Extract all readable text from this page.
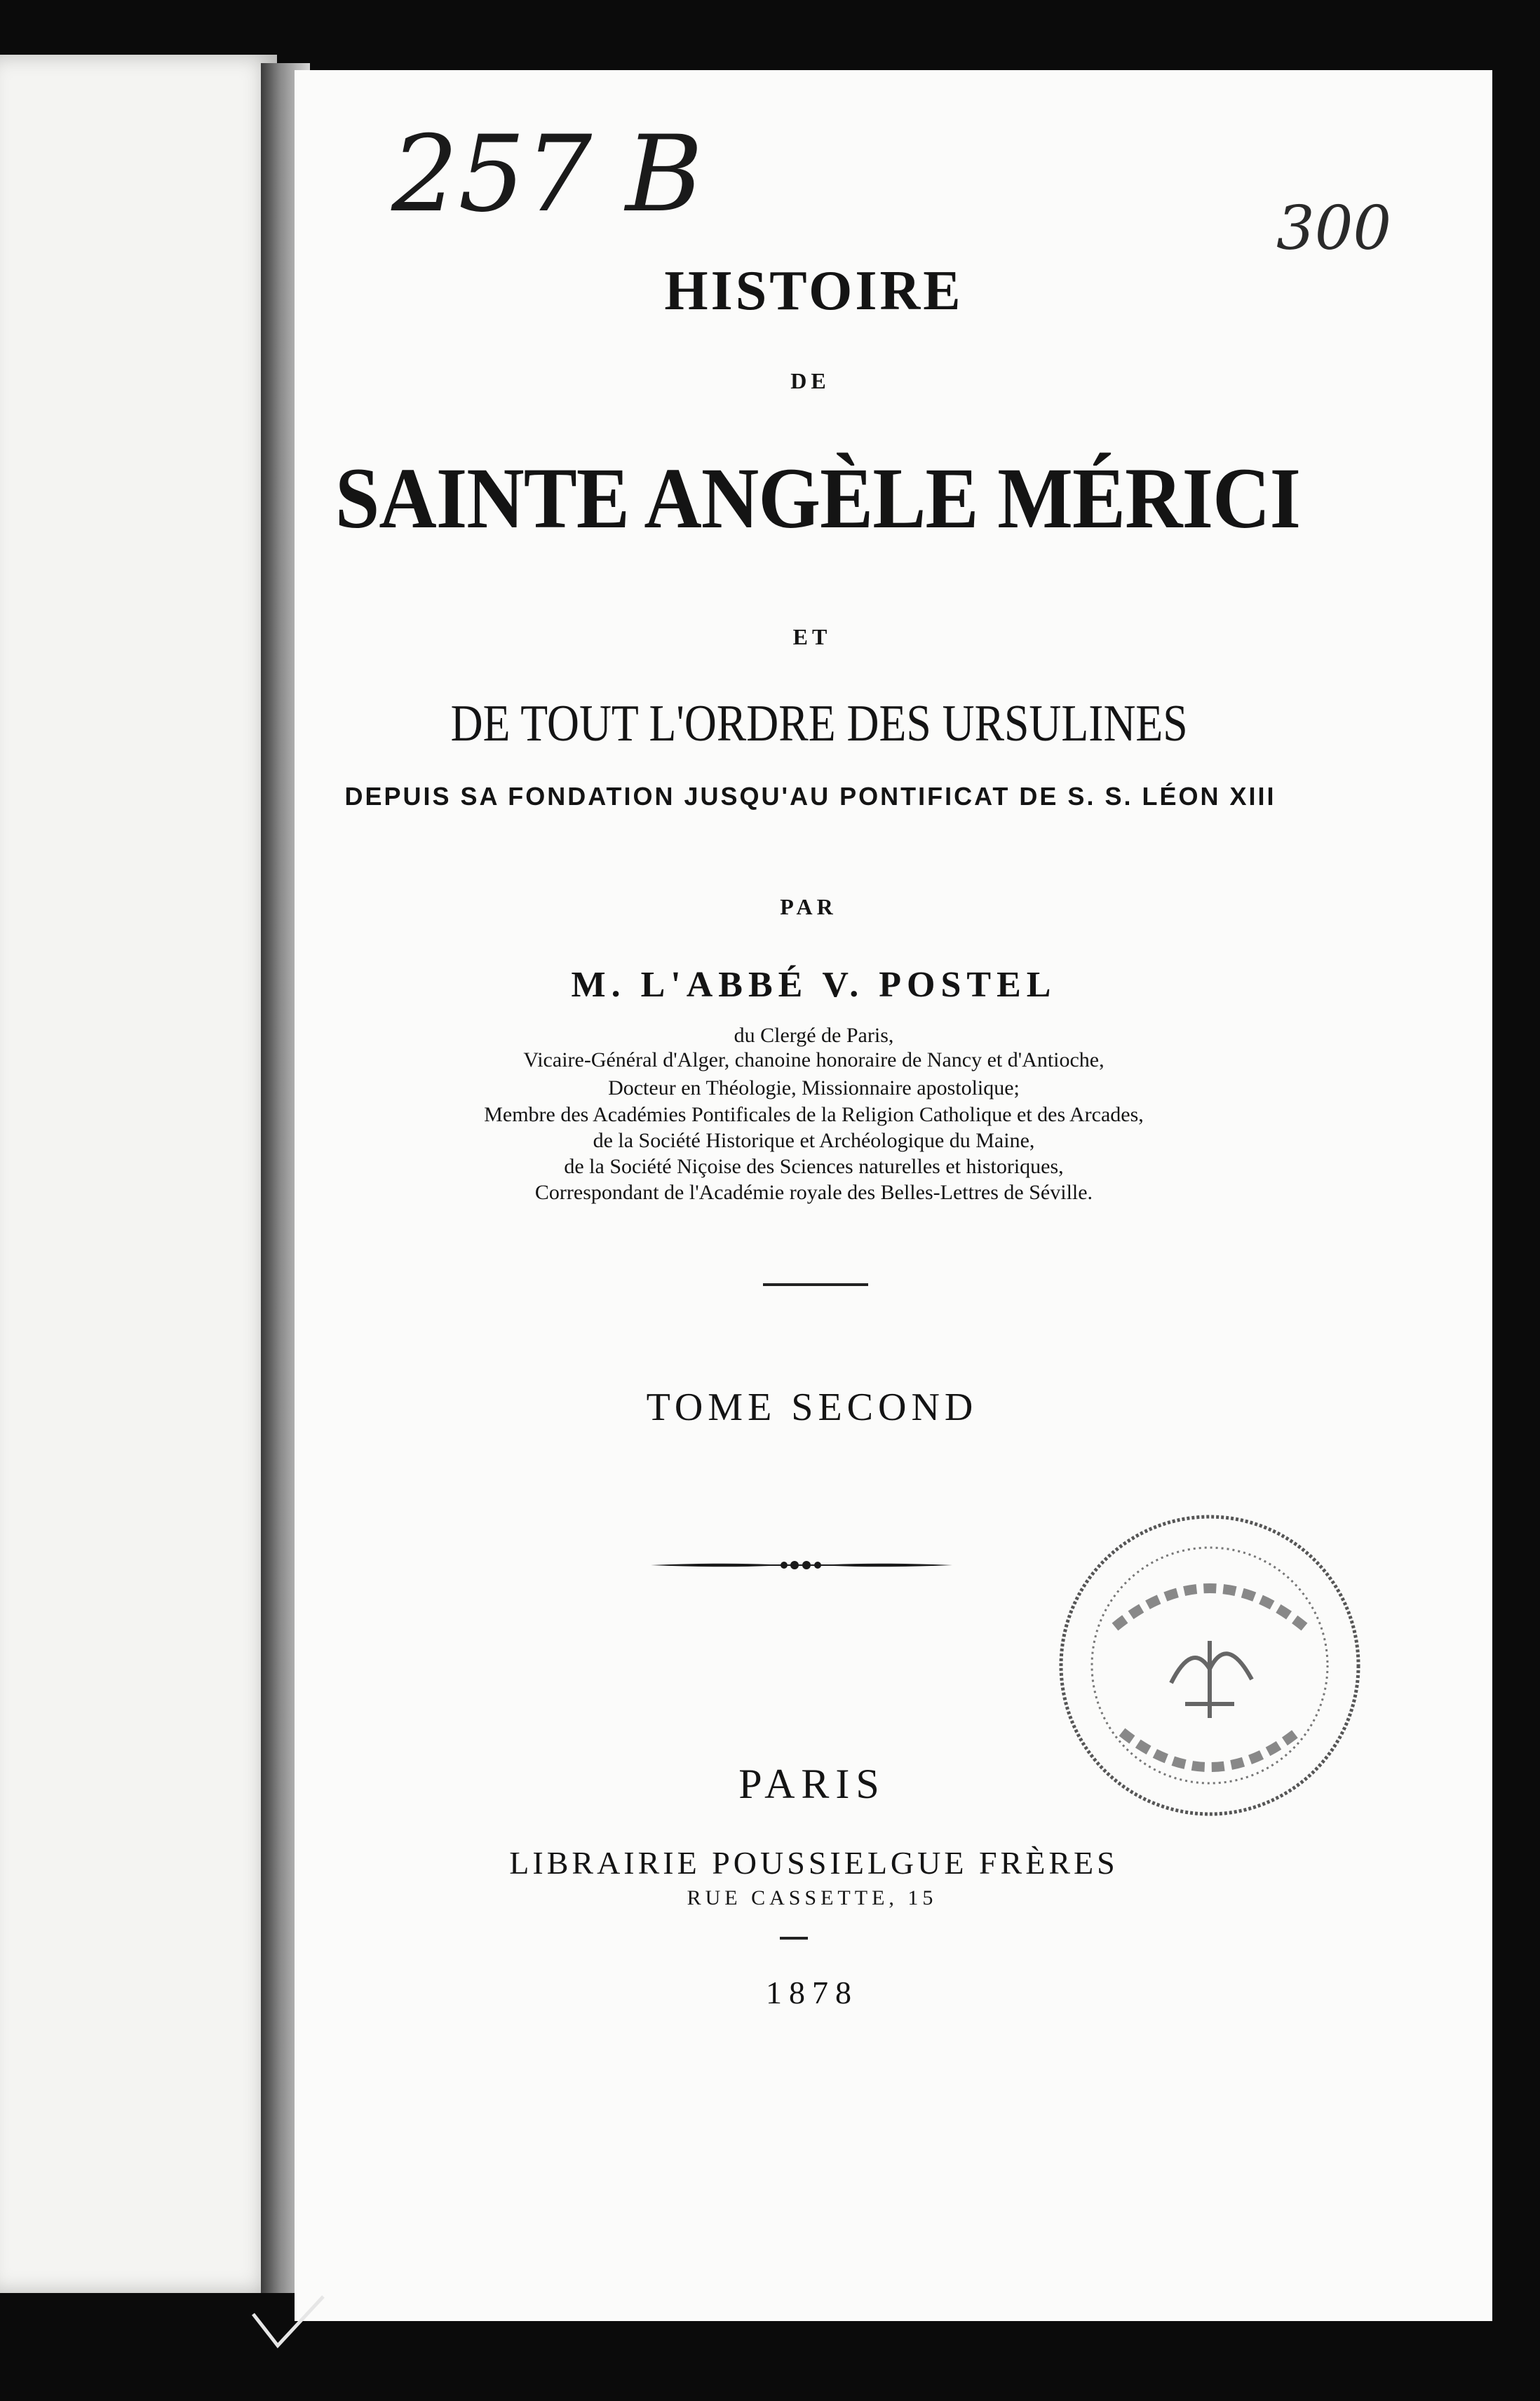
257 B	300
HISTOIRE
DE
SAINTE ANGÈLE MÉRICI
ET
DE TOUT L'ORDRE DES URSULINES
DEPUIS SA FONDATION JUSQU'AU PONTIFICAT DE S. S. LÉON XIII
PAR
M. L'ABBÉ V. POSTEL
du Clergé de Paris,
Vicaire-Général d'Alger, chanoine honoraire de Nancy et d'Antioche,
Docteur en Théologie, Missionnaire apostolique;
Membre des Académies Pontificales de la Religion Catholique et des Arcades,
de la Société Historique et Archéologique du Maine,
de la Société Niçoise des Sciences naturelles et historiques,
Correspondant de l'Académie royale des Belles-Lettres de Séville.
TOME SECOND
PARIS
LIBRAIRIE POUSSIELGUE FRÈRES
RUE CASSETTE, 15
1878
